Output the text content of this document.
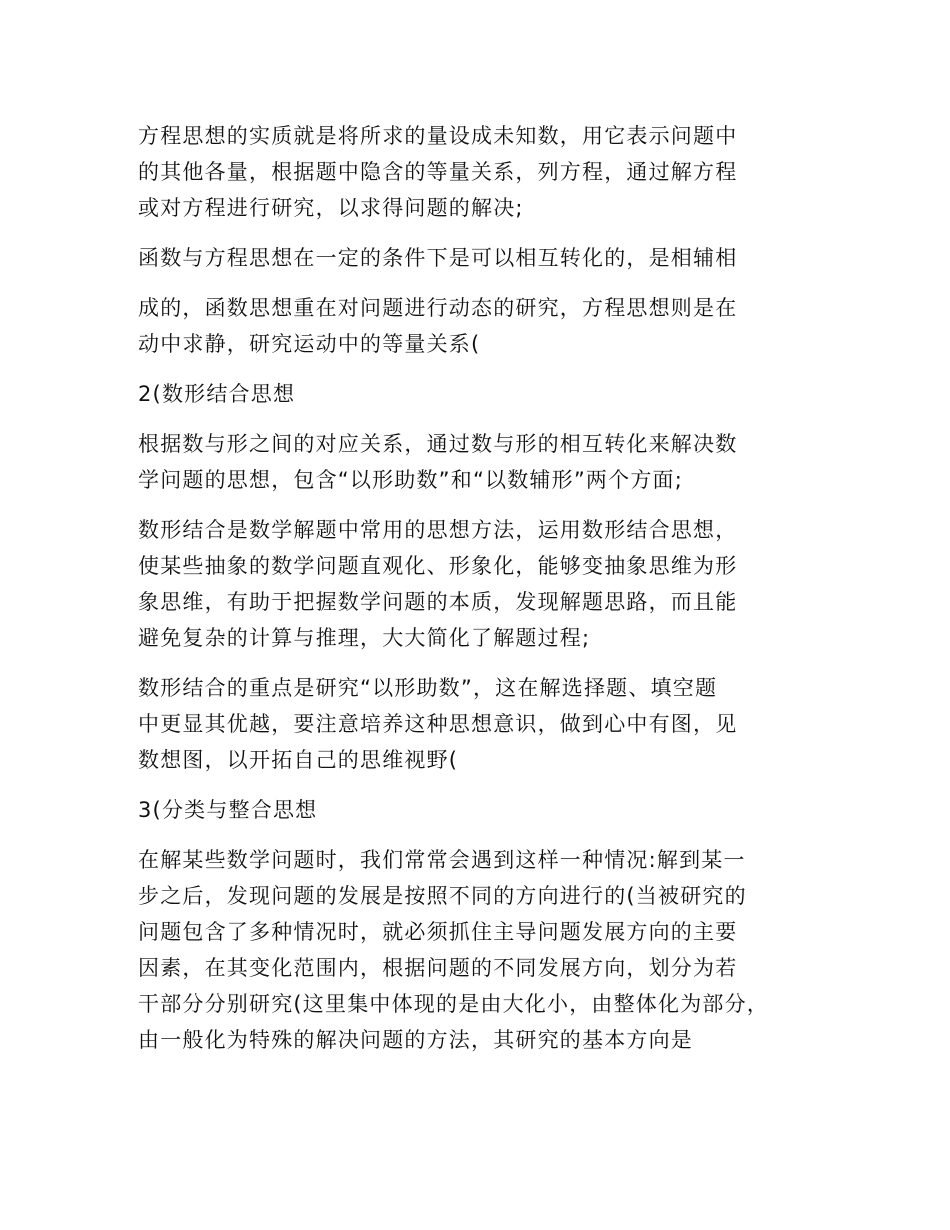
方程思想的实质就是将所求的量设成未知数，用它表示问题中
的其他各量，根据题中隐含的等量关系，列方程，通过解方程
或对方程进行研究，以求得问题的解决;

函数与方程思想在一定的条件下是可以相互转化的，是相辅相

成的，函数思想重在对问题进行动态的研究，方程思想则是在
动中求静，研究运动中的等量关系(

2(数形结合思想

根据数与形之间的对应关系，通过数与形的相互转化来解决数
学问题的思想，包含“以形助数”和“以数辅形”两个方面;

数形结合是数学解题中常用的思想方法，运用数形结合思想，
使某些抽象的数学问题直观化、形象化，能够变抽象思维为形
象思维，有助于把握数学问题的本质，发现解题思路，而且能
避免复杂的计算与推理，大大简化了解题过程;

数形结合的重点是研究“以形助数”，这在解选择题、填空题
中更显其优越，要注意培养这种思想意识，做到心中有图，见
数想图，以开拓自己的思维视野(

3(分类与整合思想

在解某些数学问题时，我们常常会遇到这样一种情况:解到某一
步之后，发现问题的发展是按照不同的方向进行的(当被研究的
问题包含了多种情况时，就必须抓住主导问题发展方向的主要
因素，在其变化范围内，根据问题的不同发展方向，划分为若
干部分分别研究(这里集中体现的是由大化小，由整体化为部分，
由一般化为特殊的解决问题的方法，其研究的基本方向是
